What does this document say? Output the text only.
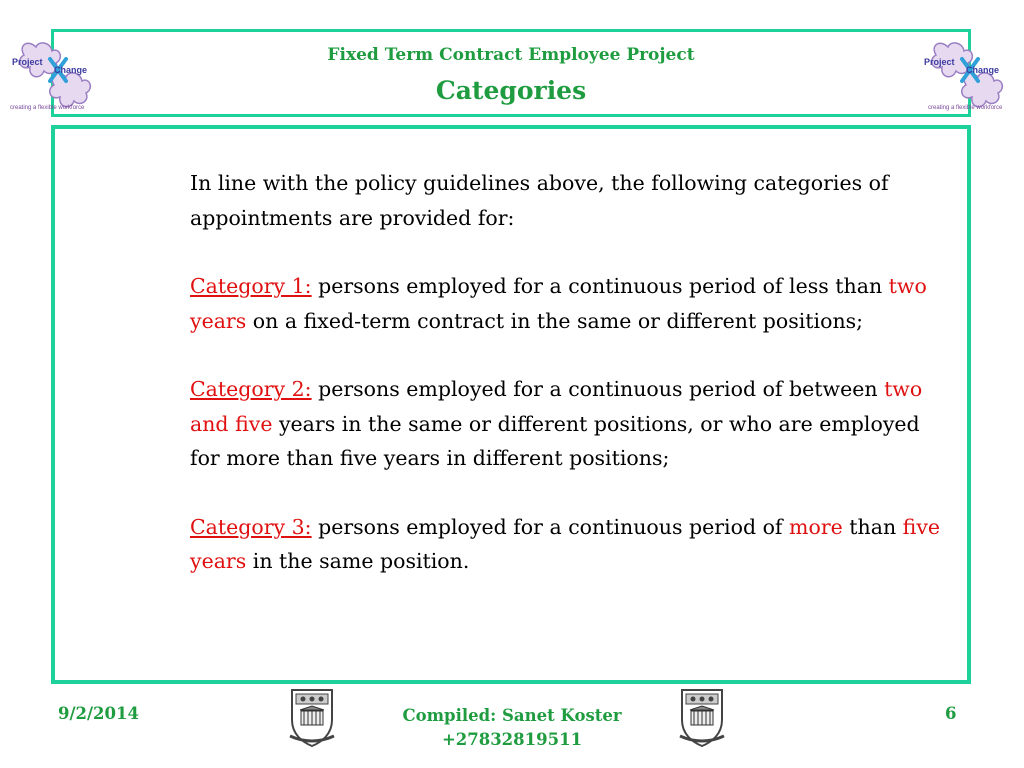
Fixed Term Contract Employee Project
Categories
Project
Change
creating a flexible workforce
Project
Change
creating a flexible workforce

In line with the policy guidelines above, the following categories of appointments are provided for:

Category 1: persons employed for a continuous period of less than two years on a fixed-term contract in the same or different positions;

Category 2: persons employed for a continuous period of between two and five years in the same or different positions, or who are employed for more than five years in different positions;

Category 3: persons employed for a continuous period of more than five years in the same position.

9/2/2014	Compiled: Sanet Koster
+27832819511
6
